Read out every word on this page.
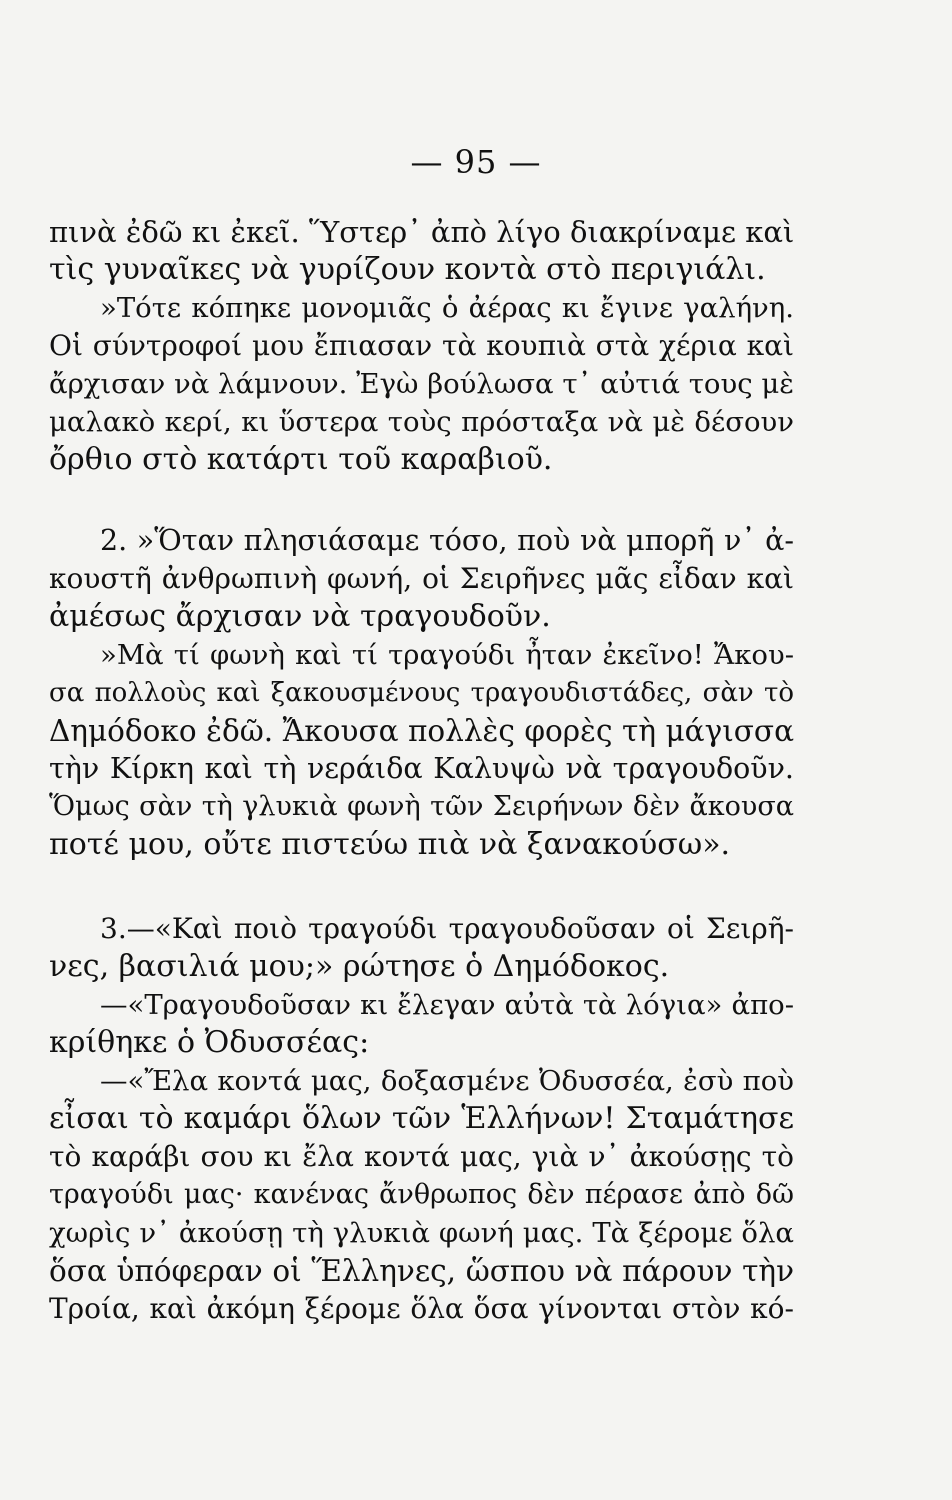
— 95 —
πινὰ ἐδῶ κι ἐκεῖ. Ὕστερ᾽ ἀπὸ λίγο διακρίναμε καὶ
τὶς γυναῖκες νὰ γυρίζουν κοντὰ στὸ περιγιάλι.
»Τότε κόπηκε μονομιᾶς ὁ ἀέρας κι ἔγινε γαλήνη.
Οἱ σύντροφοί μου ἔπιασαν τὰ κουπιὰ στὰ χέρια καὶ
ἄρχισαν νὰ λάμνουν. Ἐγὼ βούλωσα τ᾽ αὐτιά τους μὲ
μαλακὸ κερί, κι ὕστερα τοὺς πρόσταξα νὰ μὲ δέσουν
ὄρθιο στὸ κατάρτι τοῦ καραβιοῦ.
2. »Ὅταν πλησιάσαμε τόσο, ποὺ νὰ μπορῆ ν᾽ ἀ-
κουστῆ ἀνθρωπινὴ φωνή, οἱ Σειρῆνες μᾶς εἶδαν καὶ
ἀμέσως ἄρχισαν νὰ τραγουδοῦν.
»Μὰ τί φωνὴ καὶ τί τραγούδι ἦταν ἐκεῖνο! Ἄκου-
σα πολλοὺς καὶ ξακουσμένους τραγουδιστάδες, σὰν τὸ
Δημόδοκο ἐδῶ. Ἄκουσα πολλὲς φορὲς τὴ μάγισσα
τὴν Κίρκη καὶ τὴ νεράιδα Καλυψὼ νὰ τραγουδοῦν.
Ὅμως σὰν τὴ γλυκιὰ φωνὴ τῶν Σειρήνων δὲν ἄκουσα
ποτέ μου, οὔτε πιστεύω πιὰ νὰ ξανακούσω».
3.—«Καὶ ποιὸ τραγούδι τραγουδοῦσαν οἱ Σειρῆ-
νες, βασιλιά μου;» ρώτησε ὁ Δημόδοκος.
—«Τραγουδοῦσαν κι ἔλεγαν αὐτὰ τὰ λόγια» ἀπο-
κρίθηκε ὁ Ὀδυσσέας:
—«Ἔλα κοντά μας, δοξασμένε Ὀδυσσέα, ἐσὺ ποὺ
εἶσαι τὸ καμάρι ὅλων τῶν Ἑλλήνων! Σταμάτησε
τὸ καράβι σου κι ἔλα κοντά μας, γιὰ ν᾽ ἀκούσῃς τὸ
τραγούδι μας· κανένας ἄνθρωπος δὲν πέρασε ἀπὸ δῶ
χωρὶς ν᾽ ἀκούσῃ τὴ γλυκιὰ φωνή μας. Τὰ ξέρομε ὅλα
ὅσα ὑπόφεραν οἱ Ἕλληνες, ὥσπου νὰ πάρουν τὴν
Τροία, καὶ ἀκόμη ξέρομε ὅλα ὅσα γίνονται στὸν κό-
